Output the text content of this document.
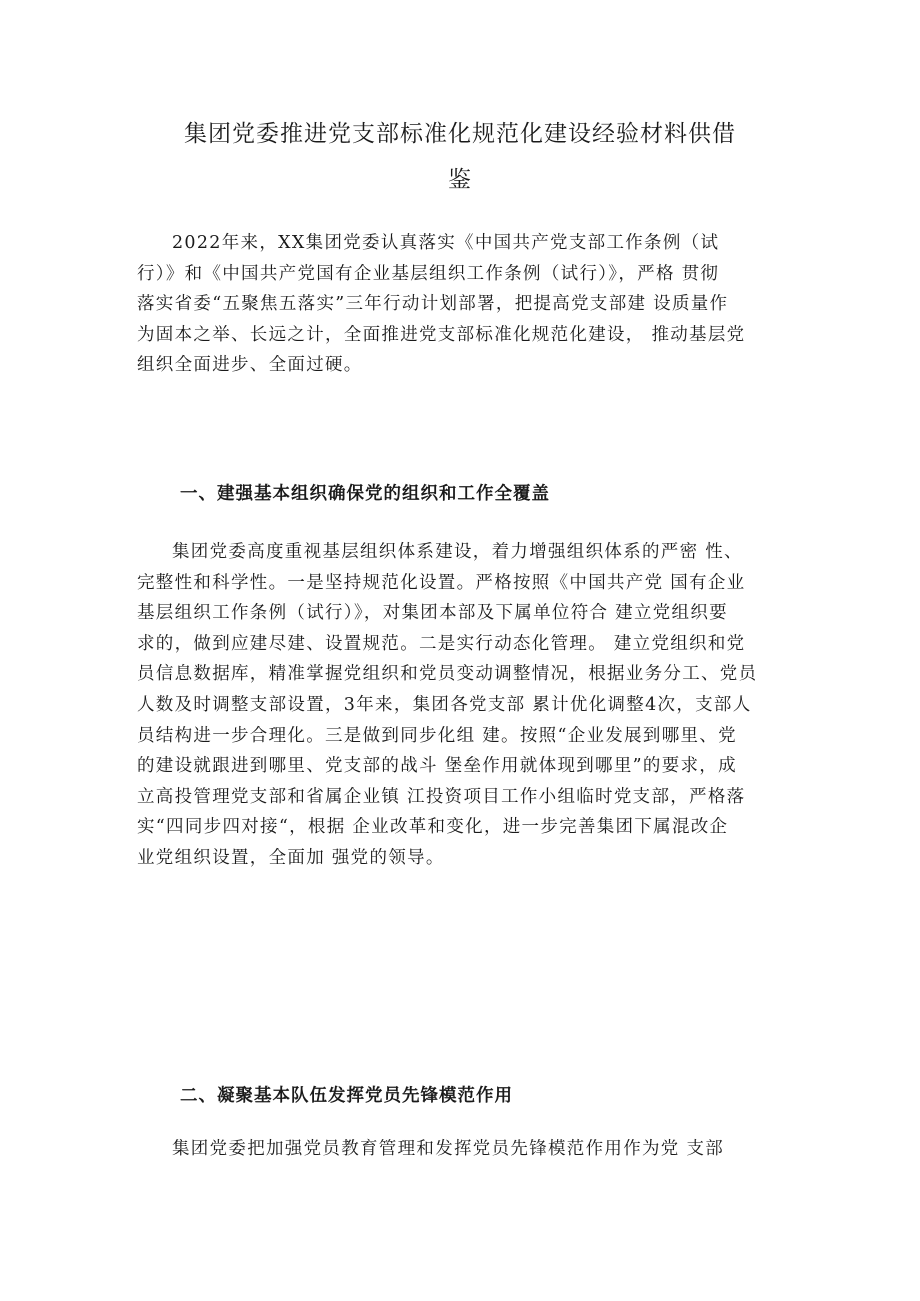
集团党委推进党支部标准化规范化建设经验材料供借
鉴
2022年来，XX集团党委认真落实《中国共产党支部工作条例（试
行）》和《中国共产党国有企业基层组织工作条例（试行）》，严格 贯彻
落实省委“五聚焦五落实”三年行动计划部署，把提高党支部建 设质量作
为固本之举、长远之计，全面推进党支部标准化规范化建设， 推动基层党
组织全面进步、全面过硬。
一、建强基本组织确保党的组织和工作全覆盖
集团党委高度重视基层组织体系建设，着力增强组织体系的严密 性、
完整性和科学性。一是坚持规范化设置。严格按照《中国共产党 国有企业
基层组织工作条例（试行）》，对集团本部及下属单位符合 建立党组织要
求的，做到应建尽建、设置规范。二是实行动态化管理。 建立党组织和党
员信息数据库，精准掌握党组织和党员变动调整情况，根据业务分工、党员
人数及时调整支部设置，3年来，集团各党支部 累计优化调整4次，支部人
员结构进一步合理化。三是做到同步化组 建。按照“企业发展到哪里、党
的建设就跟进到哪里、党支部的战斗 堡垒作用就体现到哪里”的要求，成
立高投管理党支部和省属企业镇 江投资项目工作小组临时党支部，严格落
实“四同步四对接“，根据 企业改革和变化，进一步完善集团下属混改企
业党组织设置，全面加 强党的领导。
二、凝聚基本队伍发挥党员先锋模范作用
集团党委把加强党员教育管理和发挥党员先锋模范作用作为党 支部
